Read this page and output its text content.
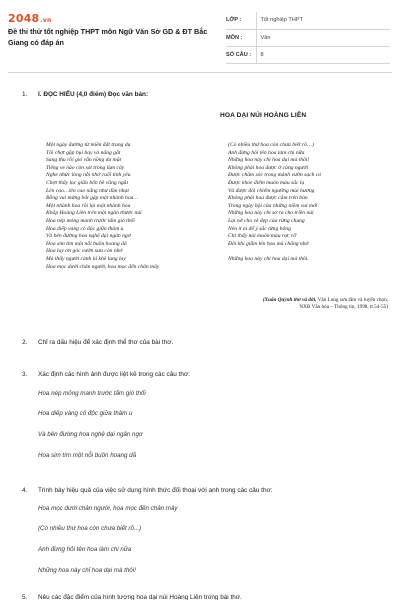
2048.vn
Đề thi thử tốt nghiệp THPT môn Ngữ Văn Sở GD & ĐT Bắc Giang có đáp án
LỚP :	Tốt nghiệp THPT
MÔN :	Văn
SỐ CÂU :	8
1. I. ĐỌC HIỂU (4,0 điểm) Đọc văn bản:
HOA DẠI NÚI HOÀNG LIÊN
Một ngày đường từ miền đất trung du
Tôi chợt gặp bụi bay và nắng gắt
Sang thu rồi gió vẫn nồng da mặt
Tiếng ve nào còn sót trong lùm cây
Nghe nhức lòng nỗi nhớ cuối tình yêu
Chợt thấy lạc giữa bốn bề vắng ngắt
Lên cao…lên cao nắng như dần nhạt
Bỗng vui mừng bắt gặp một nhành hoa…
Một nhành hoa rồi lại một nhành hoa
Khắp Hoàng Liên trên một ngàn thước núi
Hoa nép mỏng manh trước tấm gió thổi
Hoa diếp vàng cỏ độc giữa thâm u
Và bên đường hoa nghệ dại ngân ngơ
Hoa sim tím một nỗi buồn hoang dã
Hoa lay ơn góc vườn xưa còn nhớ
Mà thấy người cành lá khẽ lung lay
Hoa mọc dưới chân người, hoa mọc đến chân mây
(Có nhiều thứ hoa còn chưa biết rõ…)
Anh đừng hỏi tên hoa làm chi nữa
Những hoa này chỉ hoa dại mà thôi!
Không phải hoa được ở cùng người
Được chăm sóc trong mảnh vườn sạch cỏ
Được khoe điểm muôn màu sắc lạ
Và được đôi chiếm ngưỡng mùi hương
Không phải hoa được cắm trên bàn
Trong ngày hội của những niềm vui mới
Những hoa này chỉ sơ ra cho triền núi
Lại nở cho vẻ đẹp của rừng chung
Nên ít ai để ý sắc từng bông
Chỉ thấy núi muôn màu rực rỡ
Đôi khi giẫm lên hoa mà chẳng nhớ

Những hoa này chỉ hoa dại mà thôi.
(Xuân Quỳnh thơ và đời, Vân Long sưu tầm và tuyển chọn,
NXB Văn hóa – Thông tin, 1998, tr.54-55)
2. Chỉ ra dấu hiệu để xác định thể thơ của bài thơ.
3. Xác định các hình ảnh được liệt kê trong các câu thơ:
Hoa nép mỏng manh trước tấm gió thổi
Hoa diếp vàng cỏ độc giữa thâm u
Và bên đường hoa nghệ dại ngân ngơ
Hoa sim tím một nỗi buồn hoang dã
4. Trình bày hiệu quả của việc sử dụng hình thức đối thoại với anh trong các câu thơ:
Hoa mọc dưới chân người, hoa mọc đến chân mây
(Có nhiều thứ hoa còn chưa biết rõ...)
Anh đừng hỏi tên hoa làm chi nữa
Những hoa này chỉ hoa dại mà thôi!
5. Nêu các đặc điểm của hình tượng hoa dại núi Hoàng Liên trong bài thơ.
